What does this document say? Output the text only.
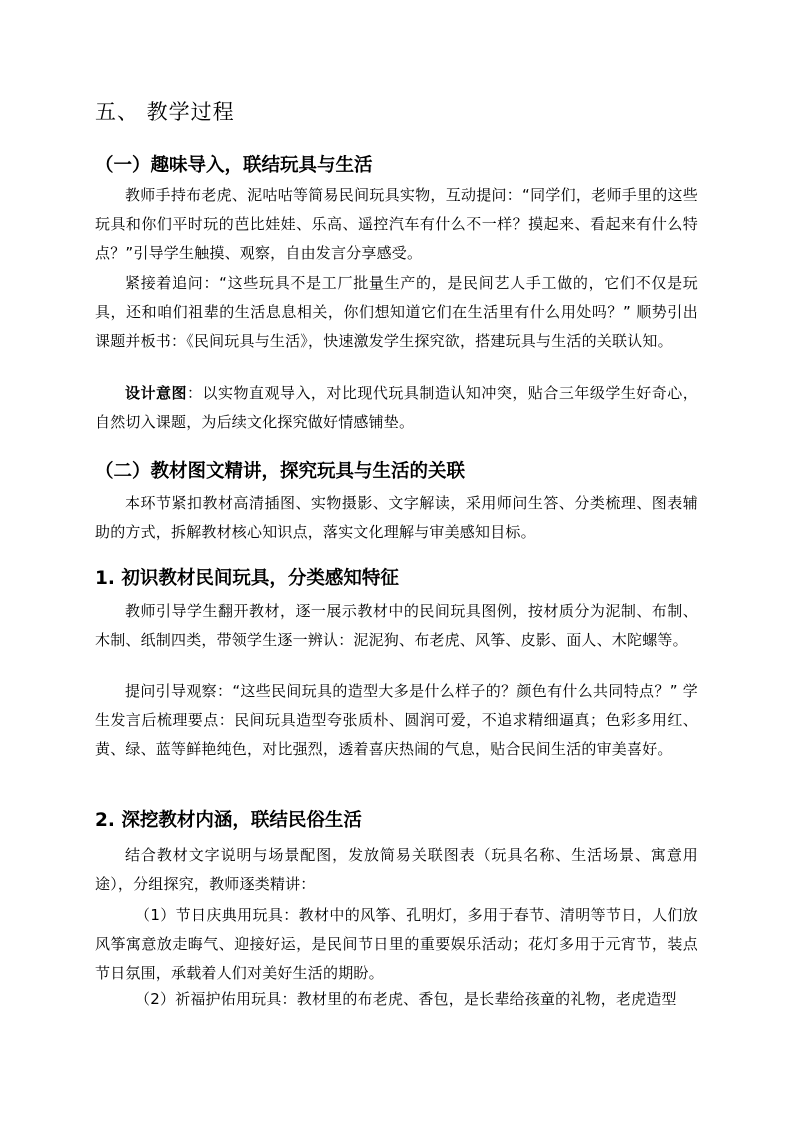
五、 教学过程
（一）趣味导入，联结玩具与生活

教师手持布老虎、泥咕咕等简易民间玩具实物，互动提问：“同学们，老师手里的这些玩具和你们平时玩的芭比娃娃、乐高、遥控汽车有什么不一样？摸起来、看起来有什么特点？”引导学生触摸、观察，自由发言分享感受。

紧接着追问：“这些玩具不是工厂批量生产的，是民间艺人手工做的，它们不仅是玩具，还和咱们祖辈的生活息息相关，你们想知道它们在生活里有什么用处吗？” 顺势引出课题并板书：《民间玩具与生活》，快速激发学生探究欲，搭建玩具与生活的关联认知。

设计意图：以实物直观导入，对比现代玩具制造认知冲突，贴合三年级学生好奇心，自然切入课题，为后续文化探究做好情感铺垫。

（二）教材图文精讲，探究玩具与生活的关联

本环节紧扣教材高清插图、实物摄影、文字解读，采用师问生答、分类梳理、图表辅助的方式，拆解教材核心知识点，落实文化理解与审美感知目标。

1. 初识教材民间玩具，分类感知特征

教师引导学生翻开教材，逐一展示教材中的民间玩具图例，按材质分为泥制、布制、木制、纸制四类，带领学生逐一辨认：泥泥狗、布老虎、风筝、皮影、面人、木陀螺等。

提问引导观察：“这些民间玩具的造型大多是什么样子的？颜色有什么共同特点？” 学生发言后梳理要点：民间玩具造型夸张质朴、圆润可爱，不追求精细逼真；色彩多用红、黄、绿、蓝等鲜艳纯色，对比强烈，透着喜庆热闹的气息，贴合民间生活的审美喜好。

2. 深挖教材内涵，联结民俗生活

结合教材文字说明与场景配图，发放简易关联图表（玩具名称、生活场景、寓意用途），分组探究，教师逐类精讲：

（1）节日庆典用玩具：教材中的风筝、孔明灯，多用于春节、清明等节日，人们放风筝寓意放走晦气、迎接好运，是民间节日里的重要娱乐活动；花灯多用于元宵节，装点节日氛围，承载着人们对美好生活的期盼。

（2）祈福护佑用玩具：教材里的布老虎、香包，是长辈给孩童的礼物，老虎造型
